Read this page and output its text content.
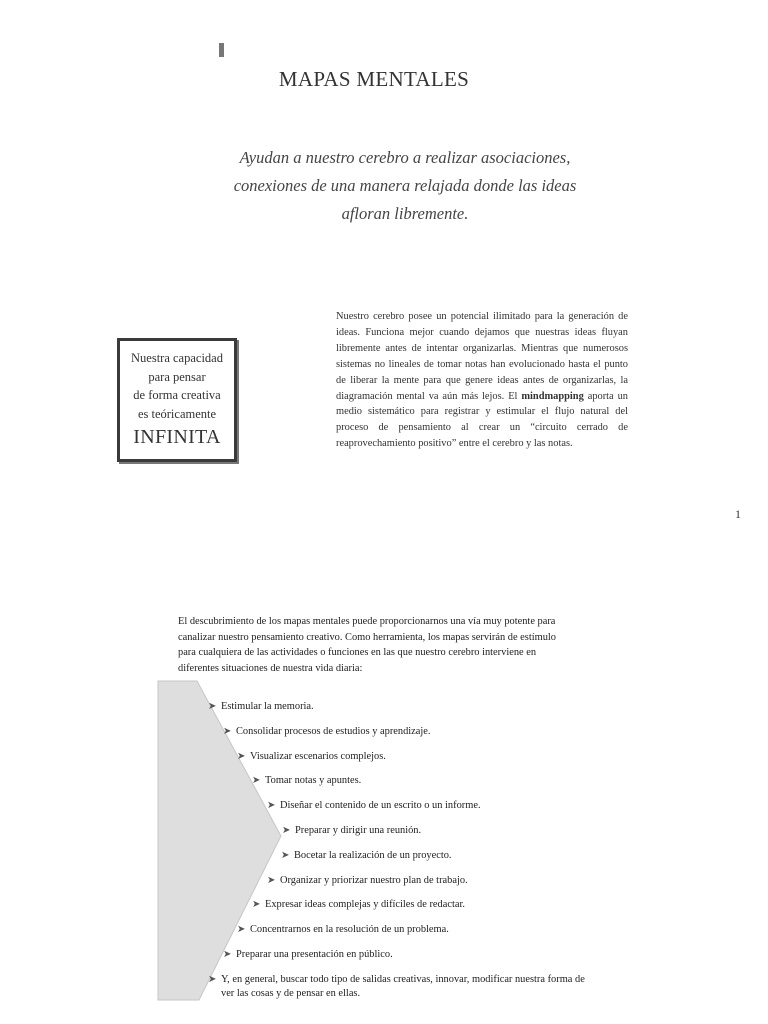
MAPAS MENTALES
Ayudan a nuestro cerebro a realizar asociaciones,
conexiones de una manera relajada donde las ideas
afloran libremente.
Nuestra capacidad
para pensar
de forma creativa
es teóricamente
INFINITA
Nuestro cerebro posee un potencial ilimitado para la generación de ideas. Funciona mejor cuando dejamos que nuestras ideas fluyan libremente antes de intentar organizarlas. Mientras que numerosos sistemas no lineales de tomar notas han evolucionado hasta el punto de liberar la mente para que genere ideas antes de organizarlas, la diagramación mental va aún más lejos. El mindmapping aporta un medio sistemático para registrar y estimular el flujo natural del proceso de pensamiento al crear un “circuito cerrado de reaprovechamiento positivo” entre el cerebro y las notas.
1
El descubrimiento de los mapas mentales puede proporcionarnos una vía muy potente para canalizar nuestro pensamiento creativo. Como herramienta, los mapas servirán de estímulo para cualquiera de las actividades o funciones en las que nuestro cerebro interviene en diferentes situaciones de nuestra vida diaria:
➤ Estimular la memoria.
➤ Consolidar procesos de estudios y aprendizaje.
➤ Visualizar escenarios complejos.
➤ Tomar notas y apuntes.
➤ Diseñar el contenido de un escrito o un informe.
➤ Preparar y dirigir una reunión.
➤ Bocetar la realización de un proyecto.
➤ Organizar y priorizar nuestro plan de trabajo.
➤ Expresar ideas complejas y difíciles de redactar.
➤ Concentrarnos en la resolución de un problema.
➤ Preparar una presentación en público.
➤ Y, en general, buscar todo tipo de salidas creativas, innovar, modificar nuestra forma de
ver las cosas y de pensar en ellas.
